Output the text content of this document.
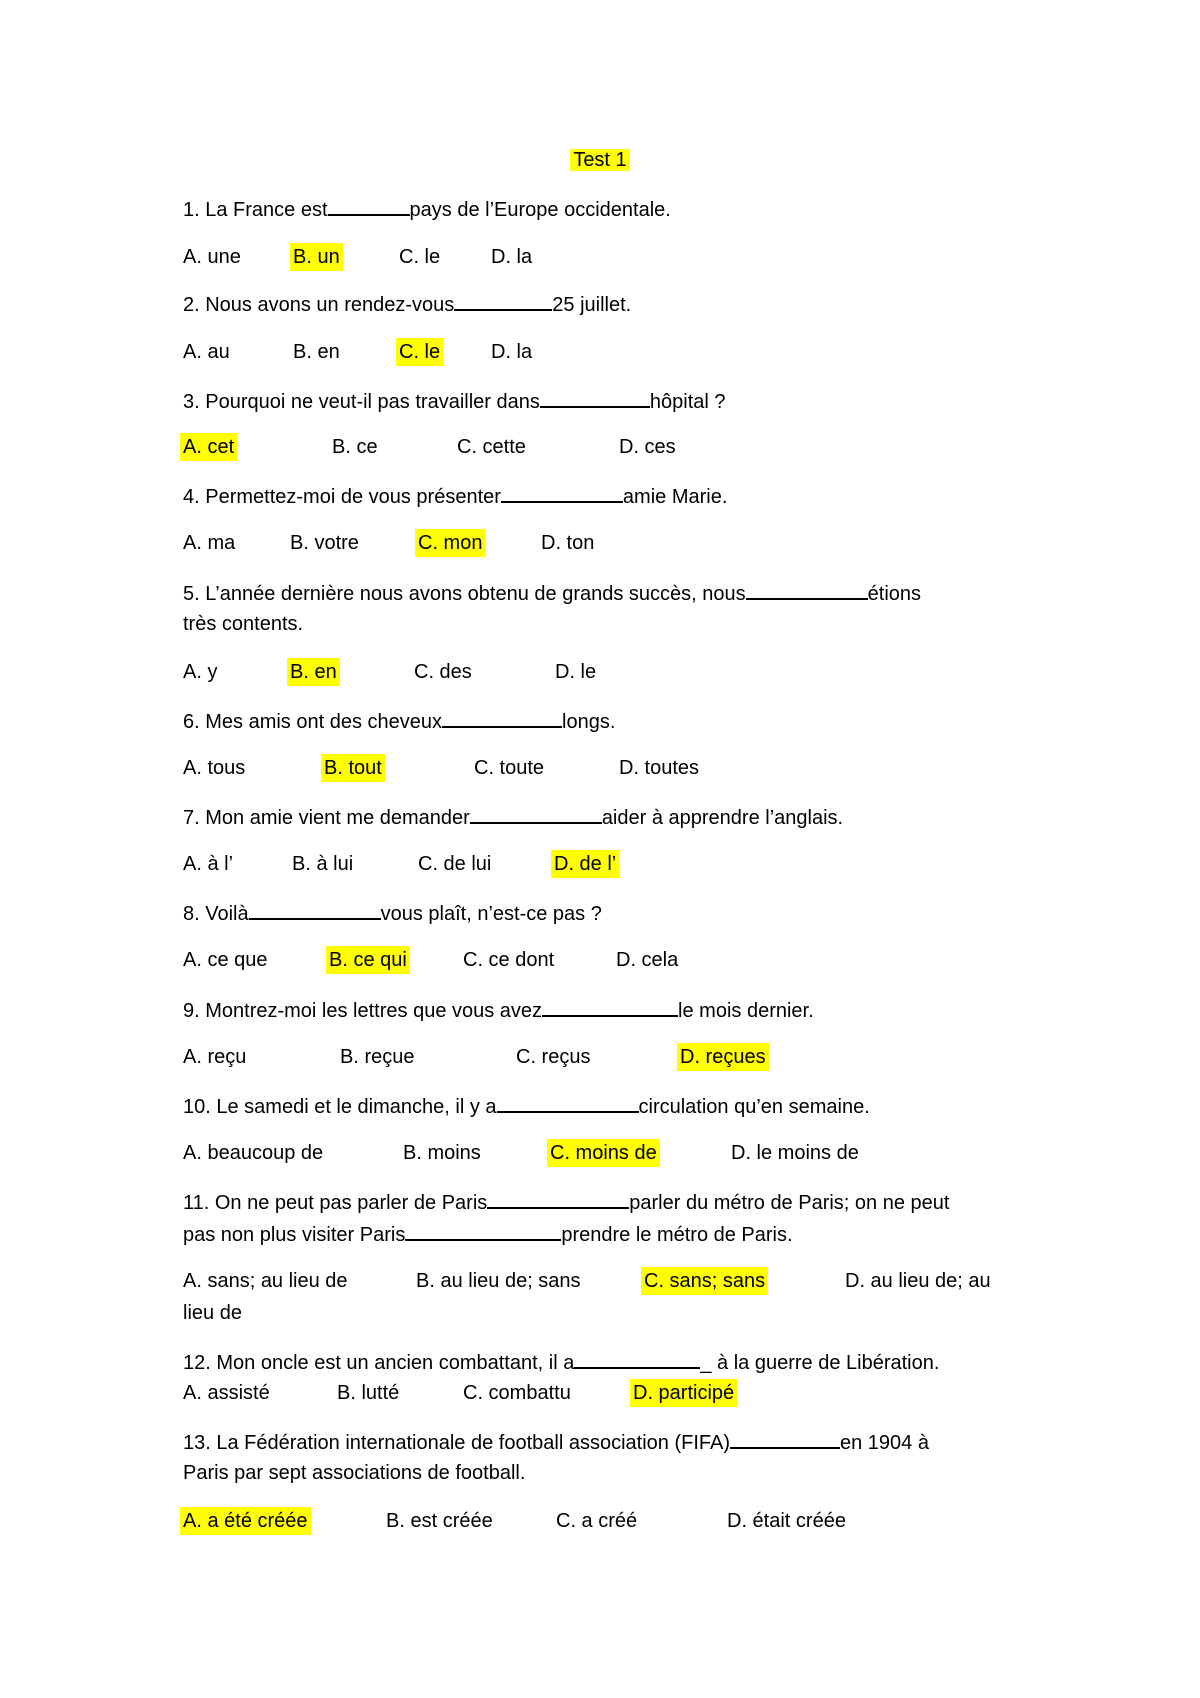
Test 1
1. La France est	pays de l’Europe occidentale.
A. une	B. un	C. le	D. la
2. Nous avons un rendez-vous	25 juillet.
A. au	B. en	C. le	D. la
3. Pourquoi ne veut-il pas travailler dans	hôpital ?
A. cet	B. ce	C. cette	D. ces
4. Permettez-moi de vous présenter	amie Marie.
A. ma	B. votre	C. mon	D. ton
5. L’année dernière nous avons obtenu de grands succès, nous	étions
très contents.
A. y	B. en	C. des	D. le
6. Mes amis ont des cheveux	longs.
A. tous	B. tout	C. toute	D. toutes
7. Mon amie vient me demander	aider à apprendre l’anglais.
A. à l’	B. à lui	C. de lui	D. de l’
8. Voilà	vous plaît, n’est-ce pas ?
A. ce que	B. ce qui	C. ce dont	D. cela
9. Montrez-moi les lettres que vous avez	le mois dernier.
A. reçu	B. reçue	C. reçus	D. reçues
10. Le samedi et le dimanche, il y a	circulation qu’en semaine.
A. beaucoup de	B. moins	C. moins de	D. le moins de
11. On ne peut pas parler de Paris	parler du métro de Paris; on ne peut
pas non plus visiter Paris	prendre le métro de Paris.
A. sans; au lieu de	B. au lieu de; sans	C. sans; sans	D. au lieu de; au
lieu de
12. Mon oncle est un ancien combattant, il a	_ à la guerre de Libération.
A. assisté	B. lutté	C. combattu	D. participé
13. La Fédération internationale de football association (FIFA)	en 1904 à
Paris par sept associations de football.
A. a été créée	B. est créée	C. a créé	D. était créée
